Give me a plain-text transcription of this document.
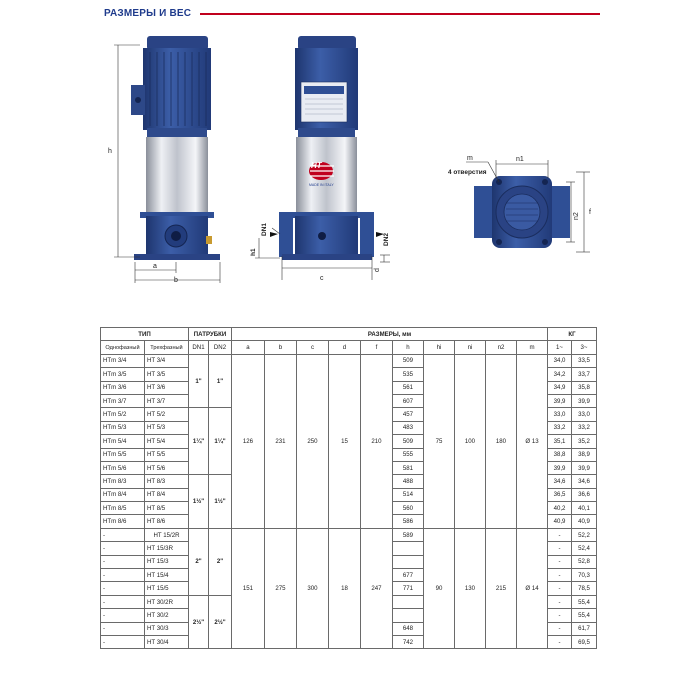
РАЗМЕРЫ И ВЕС
h
a
b
HT
MADE IN ITALY
DN1
DN2
h1
c
d
m	n1
n2 f
4 отверстия
ТИП		ПАТРУБКИ		РАЗМЕРЫ, мм										КГ	
Однофазный	Трехфазный	DN1	DN2	a	b	c	d	f	h	hi	ni	n2	m	1~	3~
HTm 3/4	HT 3/4	1"	1"	126	231	250	15	210	509	75	100	180	Ø 13	34,0	33,5
HTm 3/5	HT 3/5								535					34,2	33,7
HTm 3/6	HT 3/6								561					34,9	35,8
HTm 3/7	HT 3/7								607					39,9	39,9
HTm 5/2	HT 5/2	1¼"	1¼"						457					33,0	33,0
HTm 5/3	HT 5/3								483					33,2	33,2
HTm 5/4	HT 5/4								509					35,1	35,2
HTm 5/5	HT 5/5								555					38,8	38,9
HTm 5/6	HT 5/6								581					39,9	39,9
HTm 8/3	HT 8/3	1½"	1½"						488					34,6	34,6
HTm 8/4	HT 8/4								514					36,5	36,6
HTm 8/5	HT 8/5								560					40,2	40,1
HTm 8/6	HT 8/6								586					40,9	40,9
-	HT 15/2R	2"	2"	151	275	300	18	247	589	90	130	215	Ø 14	-	52,2
-	HT 15/3R													-	52,4
-	HT 15/3													-	52,8
-	HT 15/4								677					-	70,3
-	HT 15/5								771					-	78,5
-	HT 30/2R	2½"	2½"											-	55,4
-	HT 30/2													-	55,4
-	HT 30/3								648					-	61,7
-	HT 30/4								742					-	69,5
